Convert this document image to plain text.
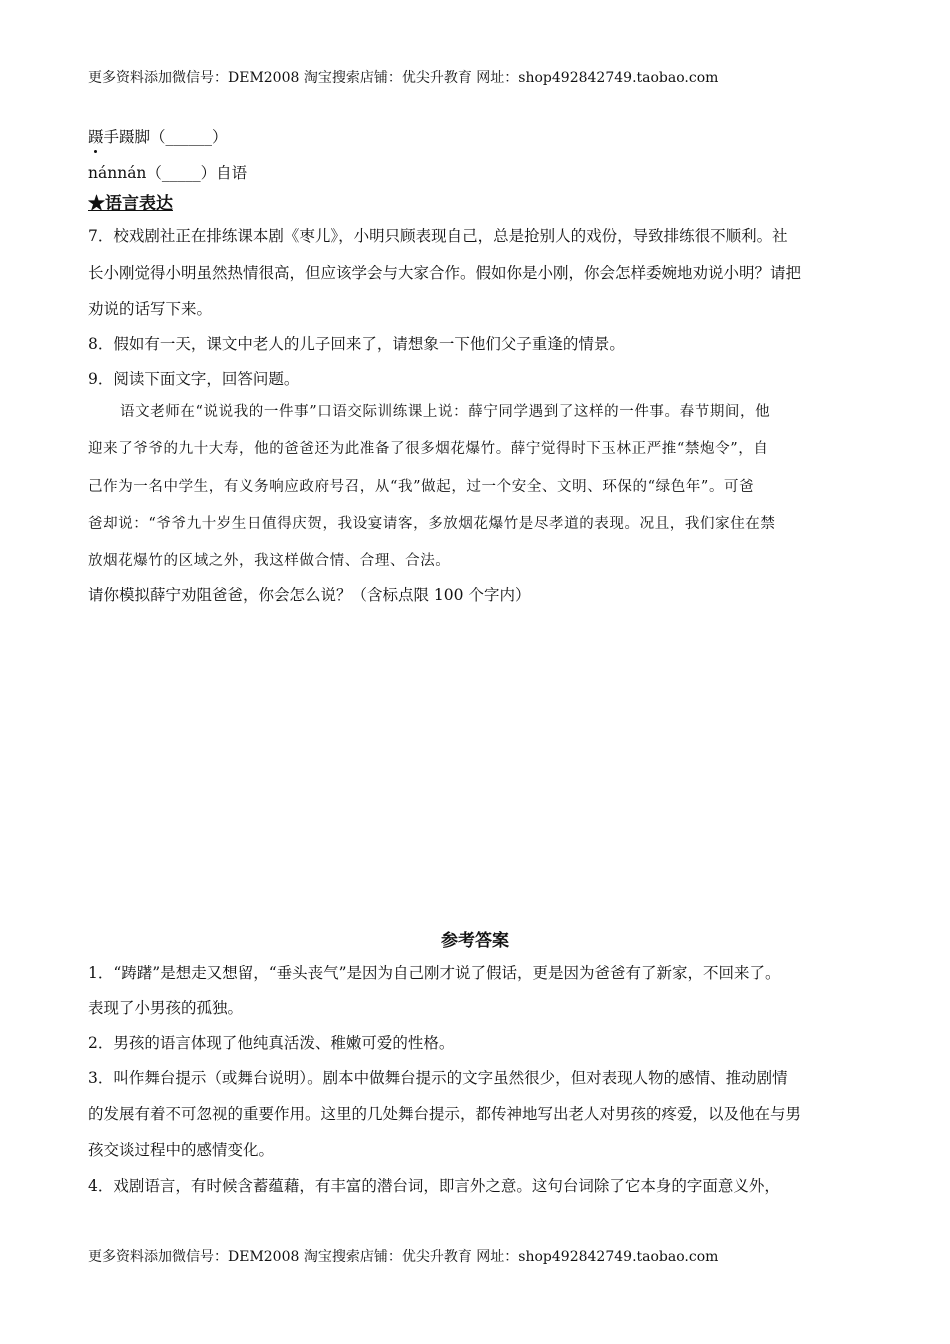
更多资料添加微信号：DEM2008 淘宝搜索店铺：优尖升教育 网址：shop492842749.taobao.com
蹑手蹑脚（______）
nánnán（_____）自语
★语言表达
7．校戏剧社正在排练课本剧《枣儿》，小明只顾表现自己，总是抢别人的戏份，导致排练很不顺利。社
长小刚觉得小明虽然热情很高，但应该学会与大家合作。假如你是小刚，你会怎样委婉地劝说小明？请把
劝说的话写下来。
8．假如有一天，课文中老人的儿子回来了，请想象一下他们父子重逢的情景。
9．阅读下面文字，回答问题。
语文老师在“说说我的一件事”口语交际训练课上说：薛宁同学遇到了这样的一件事。春节期间，他
迎来了爷爷的九十大寿，他的爸爸还为此准备了很多烟花爆竹。薛宁觉得时下玉林正严推“禁炮令”，自
己作为一名中学生，有义务响应政府号召，从“我”做起，过一个安全、文明、环保的“绿色年”。可爸
爸却说：“爷爷九十岁生日值得庆贺，我设宴请客，多放烟花爆竹是尽孝道的表现。况且，我们家住在禁
放烟花爆竹的区域之外，我这样做合情、合理、合法。
请你模拟薛宁劝阻爸爸，你会怎么说？（含标点限 100 个字内）
参考答案
1．“踌躇”是想走又想留，“垂头丧气”是因为自己刚才说了假话，更是因为爸爸有了新家，不回来了。
表现了小男孩的孤独。
2．男孩的语言体现了他纯真活泼、稚嫩可爱的性格。
3．叫作舞台提示（或舞台说明）。剧本中做舞台提示的文字虽然很少，但对表现人物的感情、推动剧情
的发展有着不可忽视的重要作用。这里的几处舞台提示，都传神地写出老人对男孩的疼爱，以及他在与男
孩交谈过程中的感情变化。
4．戏剧语言，有时候含蓄蕴藉，有丰富的潜台词，即言外之意。这句台词除了它本身的字面意义外，
更多资料添加微信号：DEM2008 淘宝搜索店铺：优尖升教育 网址：shop492842749.taobao.com
